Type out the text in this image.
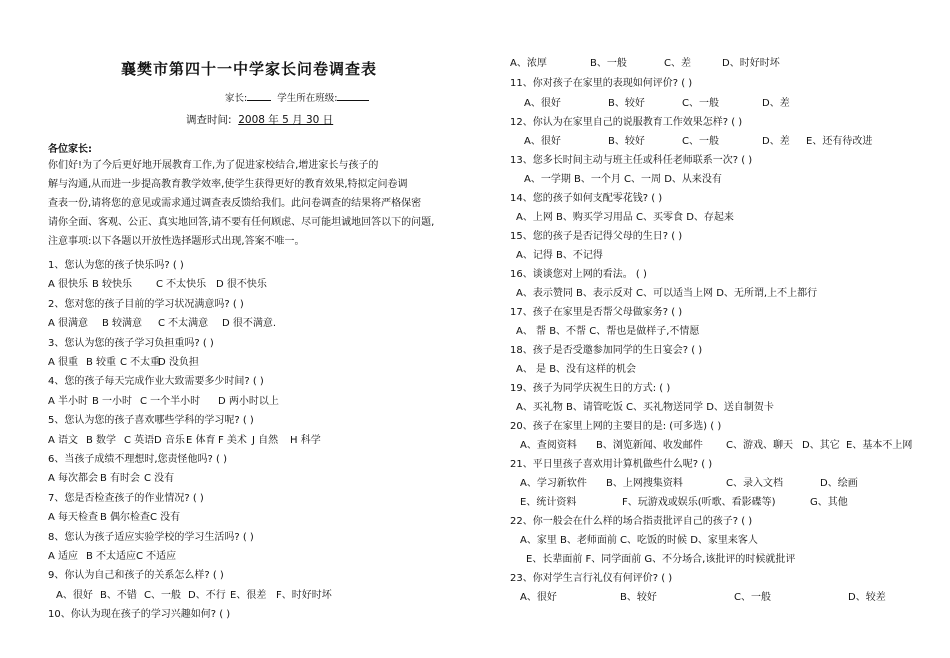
襄樊市第四十一中学家长问卷调查表
家长:	学生所在班级:
调查时间: 2008 年 5 月 30 日
各位家长:
你们好!为了今后更好地开展教育工作,为了促进家校结合,增进家长与孩子的
解与沟通,从而进一步提高教育教学效率,使学生获得更好的教育效果,特拟定问卷调
查表一份,请将您的意见或需求通过调查表反馈给我们。此问卷调查的结果将严格保密
请你全面、客观、公正、真实地回答,请不要有任何顾虑、尽可能坦诚地回答以下的问题,
注意事项:以下各题以开放性选择题形式出现,答案不唯一。
1、您认为您的孩子快乐吗? ( )
A 很快乐 B 较快乐 C 不太快乐 D 很不快乐
2、您对您的孩子目前的学习状况满意吗? ( )
A 很满意 B 较满意 C 不太满意 D 很不满意.
3、您认为您的孩子学习负担重吗? ( )
A 很重 B 较重 C 不太重
D 没负担
4、您的孩子每天完成作业大致需要多少时间? ( )
A 半小时 B 一小时 C 一个半小时 D 两小时以上
5、您认为您的孩子喜欢哪些学科的学习呢? ( )
A 语文 B 数学 C 英语 D 音乐 E 体育 F 美术 J 自然 H 科学
6、当孩子成绩不理想时,您责怪他吗? ( )
A 每次都会 B 有时会 C 没有
7、您是否检查孩子的作业情况? ( )
A 每天检查 B 偶尔检查 C 没有
8、您认为孩子适应实验学校的学习生活吗? ( )
A 适应 B 不太适应 C 不适应
9、你认为自己和孩子的关系怎么样? ( )
A、很好 B、不错 C、一般 D、不行 E、很差 F、时好时坏
10、你认为现在孩子的学习兴趣如何? ( )
A、浓厚	B、一般	C、差	D、时好时坏
11、你对孩子在家里的表现如何评价? ( )
A、很好	B、较好	C、一般	D、差
12、你认为在家里自己的说服教育工作效果怎样? ( )
A、很好	B、较好	C、一般	D、差 E、还有待改进
13、您多长时间主动与班主任或科任老师联系一次? ( )
A、一学期 B、一个月 C、一周 D、从来没有
14、您的孩子如何支配零花钱? ( )
A、上网 B、购买学习用品 C、买零食 D、存起来
15、您的孩子是否记得父母的生日? ( )
A、记得 B、不记得
16、谈谈您对上网的看法。 ( )
A、表示赞同 B、表示反对 C、可以适当上网 D、无所谓,上不上都行
17、孩子在家里是否帮父母做家务? ( )
A、 帮 B、不帮 C、帮也是做样子,不情愿
18、孩子是否受邀参加同学的生日宴会? ( )
A、 是 B、没有这样的机会
19、孩子为同学庆祝生日的方式: ( )
A、买礼物 B、请管吃饭 C、买礼物送同学 D、送自制贺卡
20、孩子在家里上网的主要目的是: (可多选) ( )
A、查阅资料 B、浏览新闻、收发邮件 C、游戏、聊天 D、其它 E、基本不上网
21、平日里孩子喜欢用计算机做些什么呢? ( )
A、学习新软件 B、上网搜集资料	C、录入文档	D、绘画
E、统计资料	F、玩游戏或娱乐(听歌、看影碟等)	G、其他
22、你一般会在什么样的场合指责批评自己的孩子? ( )
A、家里 B、老师面前 C、吃饭的时候 D、家里来客人
E、长辈面前 F、同学面前 G、不分场合,该批评的时候就批评
23、你对学生言行礼仪有何评价? ( )
A、很好	B、较好	C、一般	D、较差
